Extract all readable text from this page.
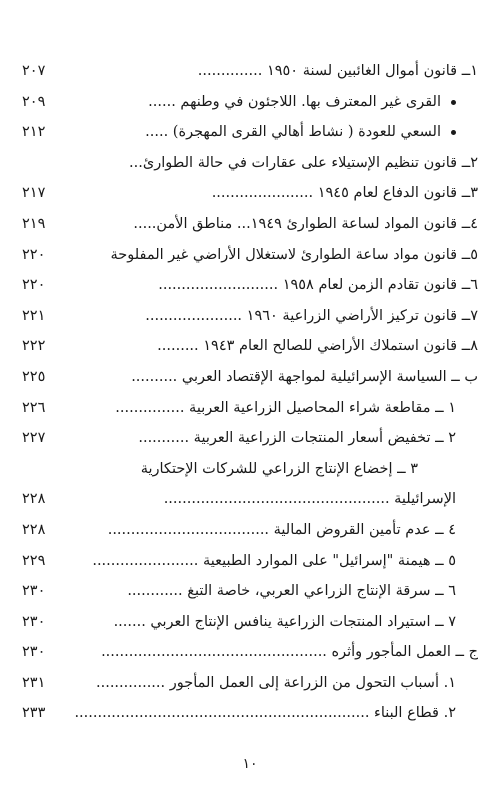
١ــ قانون أموال الغائبين لسنة ١٩٥٠ ..............
٢٠٧
القرى غير المعترف بها. اللاجئون في وطنهم ......
٢٠٩
السعي للعودة ( نشاط أهالي القرى المهجرة) .....
٢١٢
٢ــ قانون تنظيم الإستيلاء على عقارات في حالة الطوارئ...
٣ــ قانون الدفاع لعام ١٩٤٥ ......................
٢١٧
٤ــ قانون المواد لساعة الطوارئ ١٩٤٩... مناطق الأمن.....
٢١٩
٥ــ قانون مواد ساعة الطوارئ لاستغلال الأراضي غير المفلوحة
٢٢٠
٦ــ قانون تقادم الزمن لعام ١٩٥٨ ..........................
٢٢٠
٧ــ قانون تركيز الأراضي الزراعية ١٩٦٠ .....................
٢٢١
٨ــ قانون استملاك الأراضي للصالح العام ١٩٤٣ .........
٢٢٢
ب ــ السياسة الإسرائيلية لمواجهة الإقتصاد العربي ..........
٢٢٥
١ ــ مقاطعة شراء المحاصيل الزراعية العربية ...............
٢٢٦
٢ ــ تخفيض أسعار المنتجات الزراعية العربية ...........
٢٢٧
٣ ــ إخضاع الإنتاج الزراعي للشركات الإحتكارية
الإسرائيلية .................................................
٢٢٨
٤ ــ عدم تأمين القروض المالية ...................................
٢٢٨
٥ ــ هيمنة "إسرائيل" على الموارد الطبيعية .......................
٢٢٩
٦ ــ سرقة الإنتاج الزراعي العربي، خاصة التبغ ............
٢٣٠
٧ ــ استيراد المنتجات الزراعية ينافس الإنتاج العربي .......
٢٣٠
ج ــ العمل المأجور وأثره .................................................
٢٣٠
١. أسباب التحول من الزراعة إلى العمل المأجور ...............
٢٣١
٢. قطاع البناء ................................................................
٢٣٣
١٠
